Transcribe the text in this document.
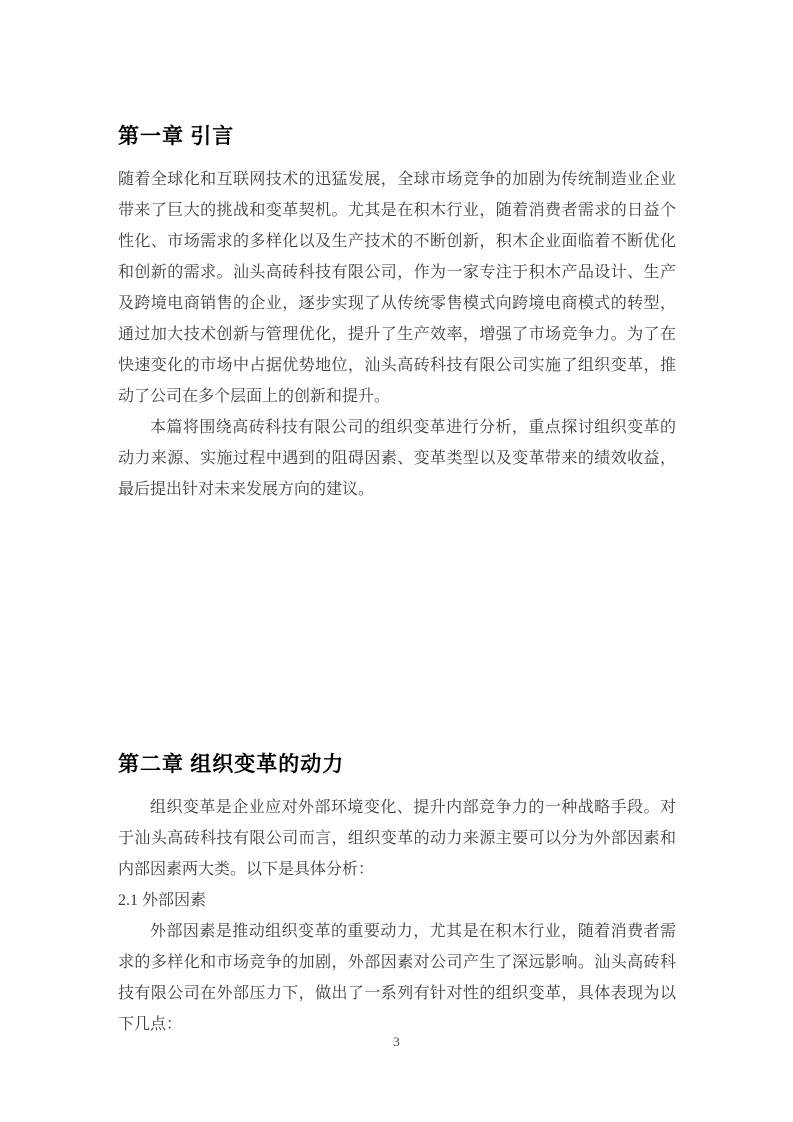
第一章 引言

随着全球化和互联网技术的迅猛发展，全球市场竞争的加剧为传统制造业企业带来了巨大的挑战和变革契机。尤其是在积木行业，随着消费者需求的日益个性化、市场需求的多样化以及生产技术的不断创新，积木企业面临着不断优化和创新的需求。汕头高砖科技有限公司，作为一家专注于积木产品设计、生产及跨境电商销售的企业，逐步实现了从传统零售模式向跨境电商模式的转型，通过加大技术创新与管理优化，提升了生产效率，增强了市场竞争力。为了在快速变化的市场中占据优势地位，汕头高砖科技有限公司实施了组织变革，推动了公司在多个层面上的创新和提升。

本篇将围绕高砖科技有限公司的组织变革进行分析，重点探讨组织变革的动力来源、实施过程中遇到的阻碍因素、变革类型以及变革带来的绩效收益，最后提出针对未来发展方向的建议。

第二章 组织变革的动力

组织变革是企业应对外部环境变化、提升内部竞争力的一种战略手段。对于汕头高砖科技有限公司而言，组织变革的动力来源主要可以分为外部因素和内部因素两大类。以下是具体分析：

2.1 外部因素

外部因素是推动组织变革的重要动力，尤其是在积木行业，随着消费者需求的多样化和市场竞争的加剧，外部因素对公司产生了深远影响。汕头高砖科技有限公司在外部压力下，做出了一系列有针对性的组织变革，具体表现为以下几点：

3
